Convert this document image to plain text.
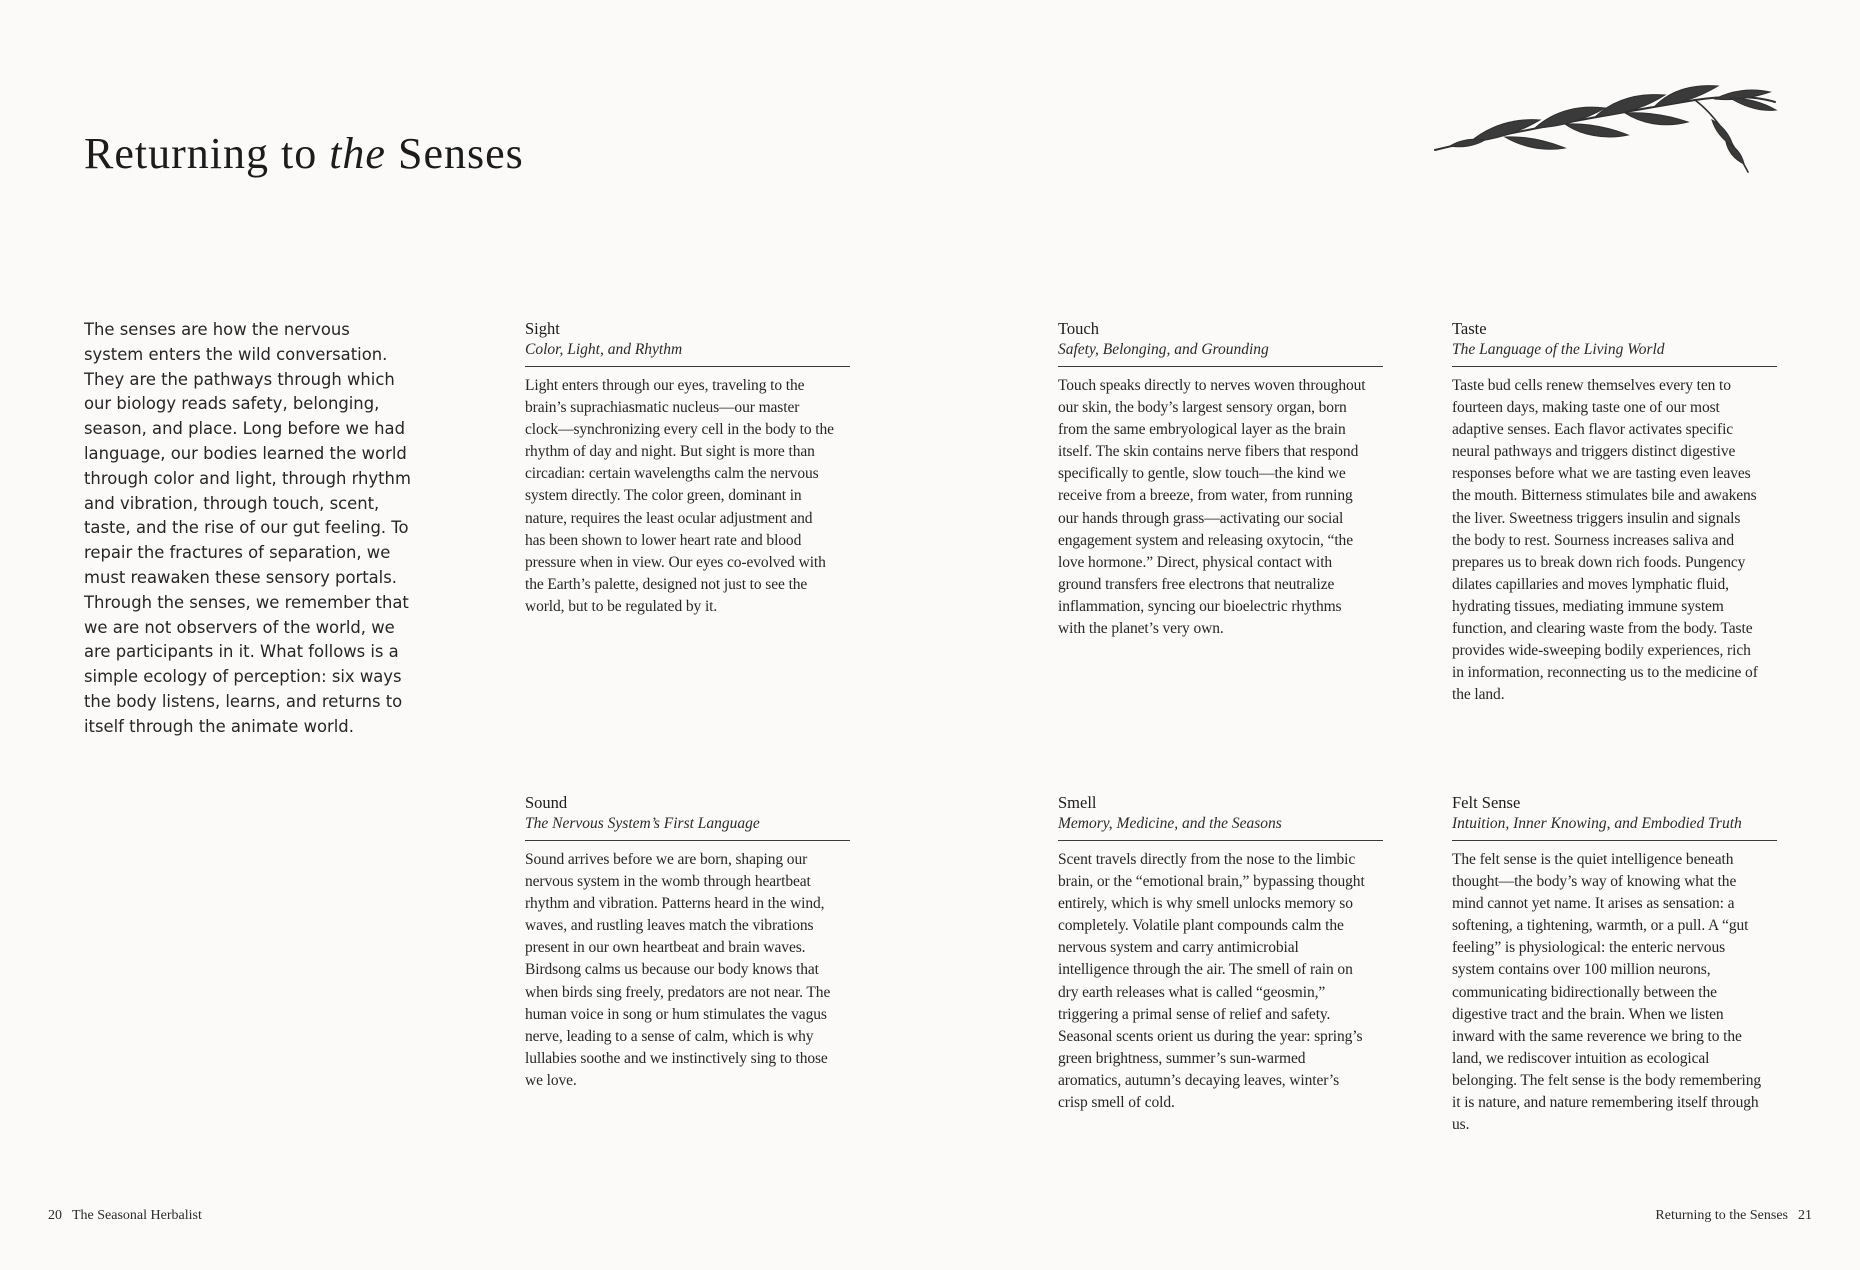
Returning to the Senses

The senses are how the nervous system enters the wild conversation. They are the pathways through which our biology reads safety, belonging, season, and place. Long before we had language, our bodies learned the world through color and light, through rhythm and vibration, through touch, scent, taste, and the rise of our gut feeling. To repair the fractures of separation, we must reawaken these sensory portals. Through the senses, we remember that we are not observers of the world, we are participants in it. What follows is a simple ecology of perception: six ways the body listens, learns, and returns to itself through the animate world.

Sight
Color, Light, and Rhythm

Light enters through our eyes, traveling to the brain’s suprachiasmatic nucleus—our master clock—synchronizing every cell in the body to the rhythm of day and night. But sight is more than circadian: certain wavelengths calm the nervous system directly. The color green, dominant in nature, requires the least ocular adjustment and has been shown to lower heart rate and blood pressure when in view. Our eyes co-evolved with the Earth’s palette, designed not just to see the world, but to be regulated by it.

Touch
Safety, Belonging, and Grounding

Touch speaks directly to nerves woven throughout our skin, the body’s largest sensory organ, born from the same embryological layer as the brain itself. The skin contains nerve fibers that respond specifically to gentle, slow touch—the kind we receive from a breeze, from water, from running our hands through grass—activating our social engagement system and releasing oxytocin, “the love hormone.” Direct, physical contact with ground transfers free electrons that neutralize inflammation, syncing our bioelectric rhythms with the planet’s very own.

Taste
The Language of the Living World

Taste bud cells renew themselves every ten to fourteen days, making taste one of our most adaptive senses. Each flavor activates specific neural pathways and triggers distinct digestive responses before what we are tasting even leaves the mouth. Bitterness stimulates bile and awakens the liver. Sweetness triggers insulin and signals the body to rest. Sourness increases saliva and prepares us to break down rich foods. Pungency dilates capillaries and moves lymphatic fluid, hydrating tissues, mediating immune system function, and clearing waste from the body. Taste provides wide-sweeping bodily experiences, rich in information, reconnecting us to the medicine of the land.

Sound
The Nervous System’s First Language

Sound arrives before we are born, shaping our nervous system in the womb through heartbeat rhythm and vibration. Patterns heard in the wind, waves, and rustling leaves match the vibrations present in our own heartbeat and brain waves. Birdsong calms us because our body knows that when birds sing freely, predators are not near. The human voice in song or hum stimulates the vagus nerve, leading to a sense of calm, which is why lullabies soothe and we instinctively sing to those we love.

Smell
Memory, Medicine, and the Seasons

Scent travels directly from the nose to the limbic brain, or the “emotional brain,” bypassing thought entirely, which is why smell unlocks memory so completely. Volatile plant compounds calm the nervous system and carry antimicrobial intelligence through the air. The smell of rain on dry earth releases what is called “geosmin,” triggering a primal sense of relief and safety. Seasonal scents orient us during the year: spring’s green brightness, summer’s sun-warmed aromatics, autumn’s decaying leaves, winter’s crisp smell of cold.

Felt Sense
Intuition, Inner Knowing, and Embodied Truth

The felt sense is the quiet intelligence beneath thought—the body’s way of knowing what the mind cannot yet name. It arises as sensation: a softening, a tightening, warmth, or a pull. A “gut feeling” is physiological: the enteric nervous system contains over 100 million neurons, communicating bidirectionally between the digestive tract and the brain. When we listen inward with the same reverence we bring to the land, we rediscover intuition as ecological belonging. The felt sense is the body remembering it is nature, and nature remembering itself through us.

20 The Seasonal Herbalist	Returning to the Senses 21
